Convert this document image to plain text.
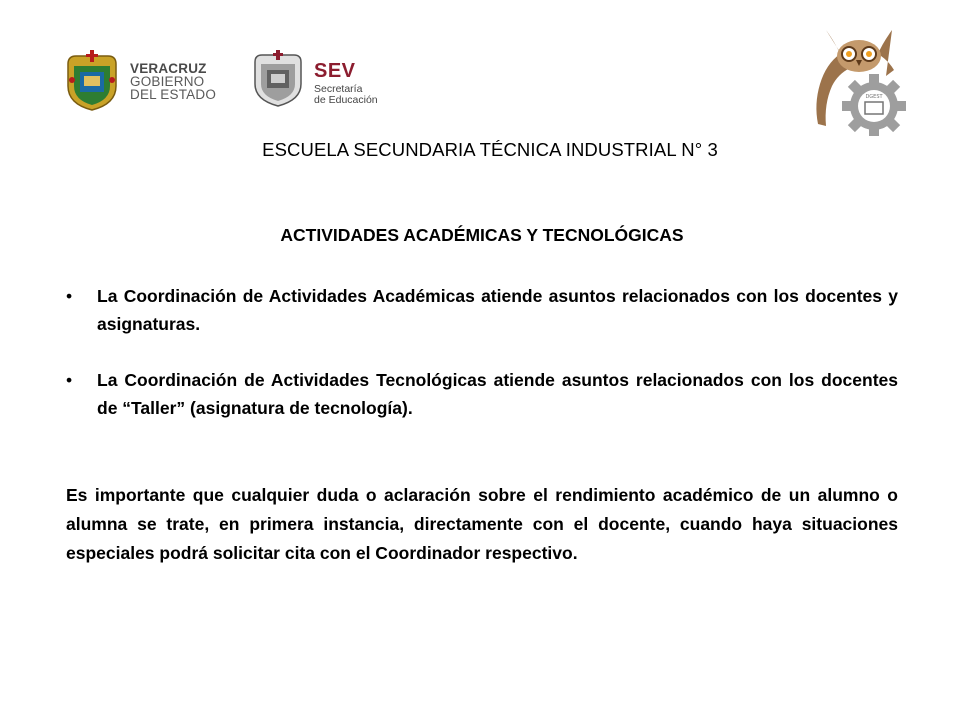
VERACRUZ
GOBIERNO
DEL ESTADO
SEV
Secretaría
de Educación	DGEST
ESCUELA SECUNDARIA TÉCNICA INDUSTRIAL N° 3
ACTIVIDADES ACADÉMICAS Y TECNOLÓGICAS
• La Coordinación de Actividades Académicas atiende asuntos relacionados con los docentes y asignaturas.
• La Coordinación de Actividades Tecnológicas atiende asuntos relacionados con los docentes de “Taller” (asignatura de tecnología).
Es importante que cualquier duda o aclaración sobre el rendimiento académico de un alumno o alumna se trate, en primera instancia, directamente con el docente, cuando haya situaciones especiales podrá solicitar cita con el Coordinador respectivo.
